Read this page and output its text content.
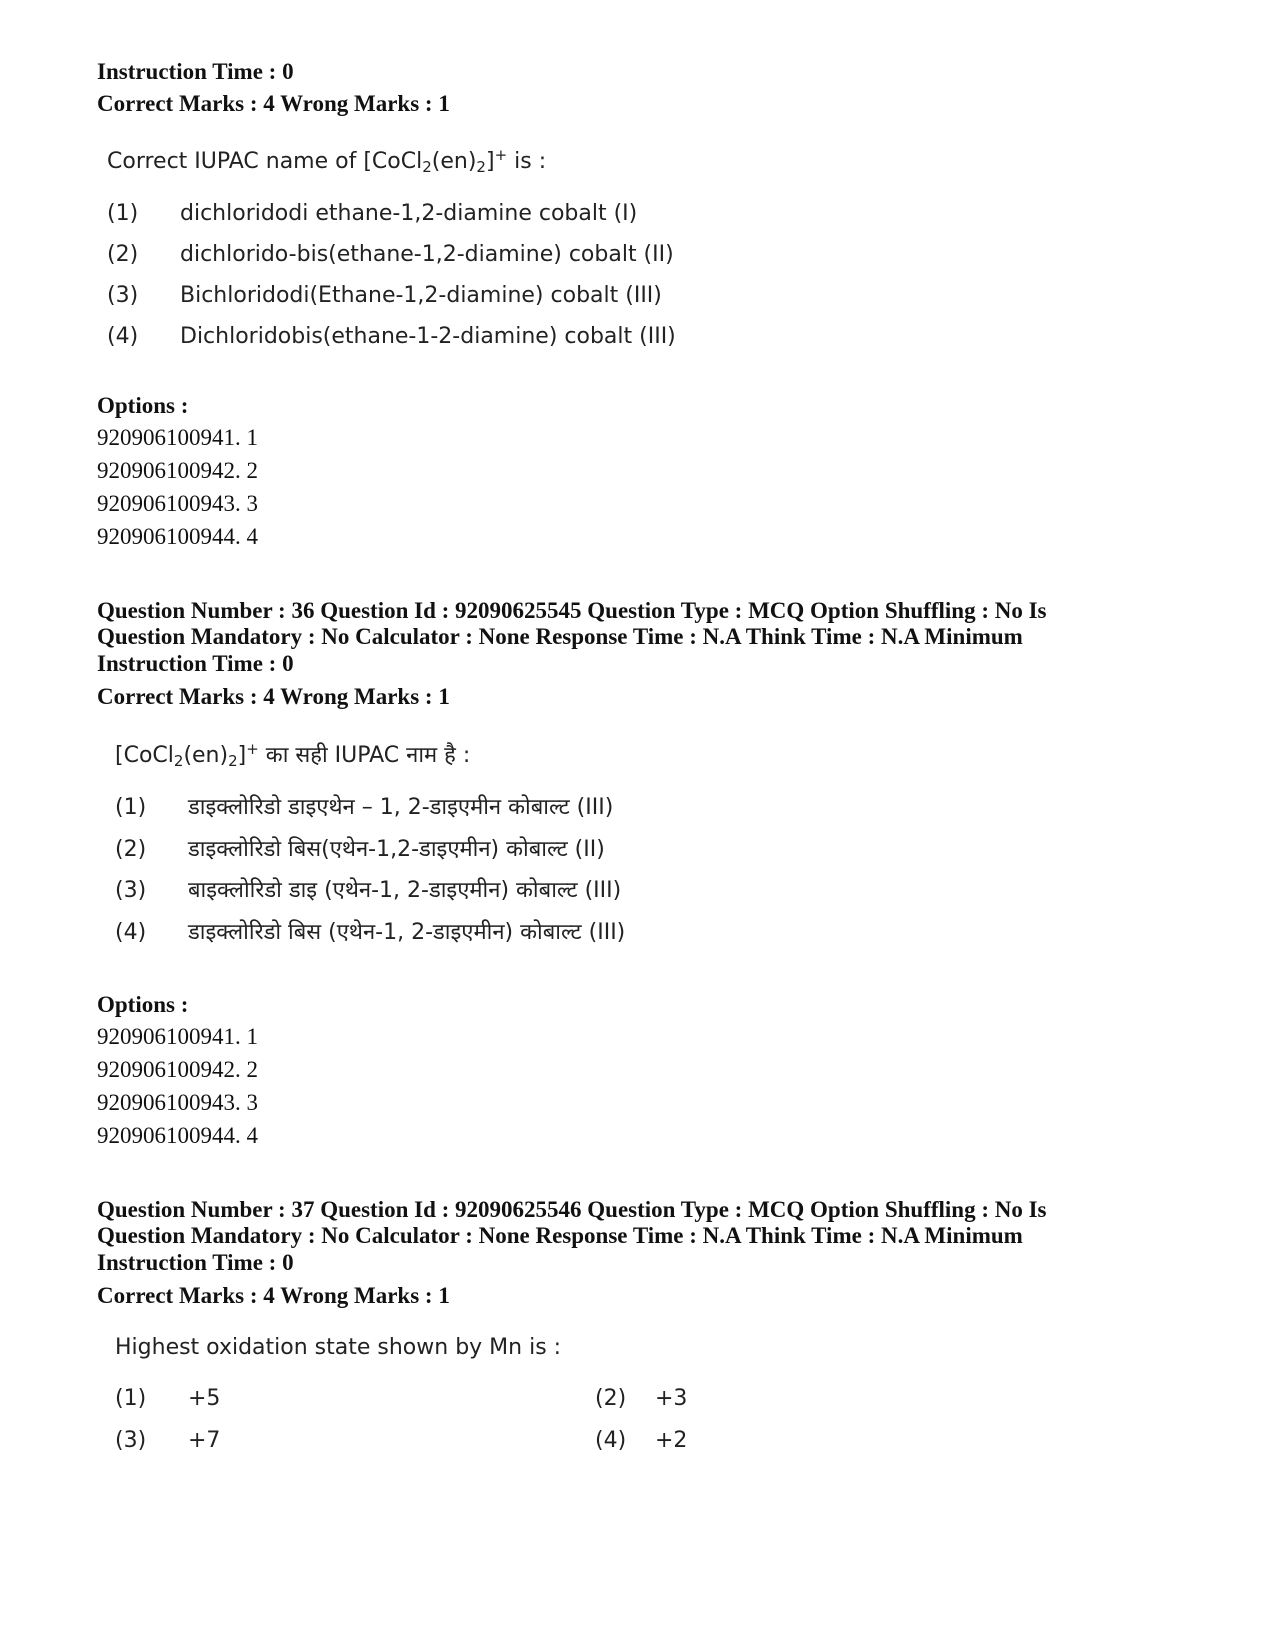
Instruction Time : 0

Correct Marks : 4 Wrong Marks : 1

Correct IUPAC name of $[CoCl_2(en)_2]^+$ is :

(1) dichloridodi ethane-1,2-diamine cobalt (I)
(2) dichlorido-bis(ethane-1,2-diamine) cobalt (II)
(3) Bichloridodi(Ethane-1,2-diamine) cobalt (III)
(4) Dichloridobis(ethane-1-2-diamine) cobalt (III)

Options :

920906100941. 1

920906100942. 2

920906100943. 3

920906100944. 4

Question Number : 36 Question Id : 92090625545 Question Type : MCQ Option Shuffling : No Is

Question Mandatory : No Calculator : None Response Time : N.A Think Time : N.A Minimum

Instruction Time : 0

Correct Marks : 4 Wrong Marks : 1

$[CoCl_2(en)_2]^+$ का सही IUPAC नाम है :

(1) डाइक्लोरिडो डाइएथेन – 1, 2-डाइएमीन कोबाल्ट (III)
(2) डाइक्लोरिडो बिस(एथेन-1,2-डाइएमीन) कोबाल्ट (II)
(3) बाइक्लोरिडो डाइ (एथेन-1, 2-डाइएमीन) कोबाल्ट (III)
(4) डाइक्लोरिडो बिस (एथेन-1, 2-डाइएमीन) कोबाल्ट (III)

Options :

920906100941. 1

920906100942. 2

920906100943. 3

920906100944. 4

Question Number : 37 Question Id : 92090625546 Question Type : MCQ Option Shuffling : No Is

Question Mandatory : No Calculator : None Response Time : N.A Think Time : N.A Minimum

Instruction Time : 0

Correct Marks : 4 Wrong Marks : 1

Highest oxidation state shown by Mn is :

(1) +5	(2) +3
(3) +7	(4) +2
